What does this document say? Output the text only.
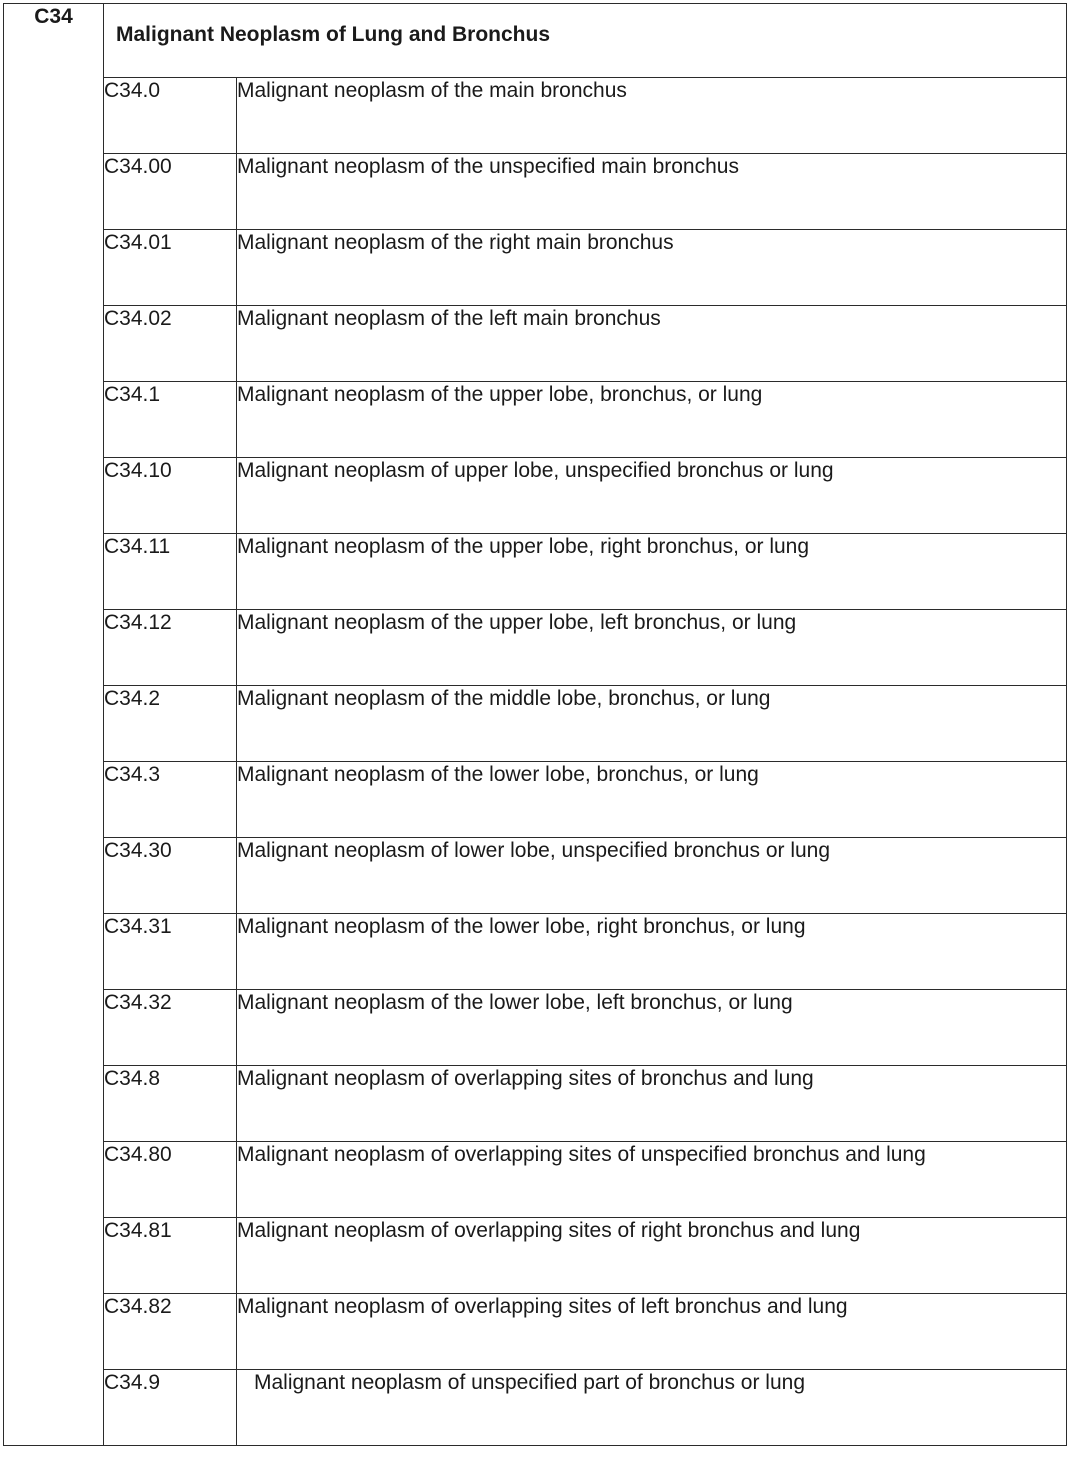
C34	Malignant Neoplasm of Lung and Bronchus	
	C34.0	Malignant neoplasm of the main bronchus
	C34.00	Malignant neoplasm of the unspecified main bronchus
	C34.01	Malignant neoplasm of the right main bronchus
	C34.02	Malignant neoplasm of the left main bronchus
	C34.1	Malignant neoplasm of the upper lobe, bronchus, or lung
	C34.10	Malignant neoplasm of upper lobe, unspecified bronchus or lung
	C34.11	Malignant neoplasm of the upper lobe, right bronchus, or lung
	C34.12	Malignant neoplasm of the upper lobe, left bronchus, or lung
	C34.2	Malignant neoplasm of the middle lobe, bronchus, or lung
	C34.3	Malignant neoplasm of the lower lobe, bronchus, or lung
	C34.30	Malignant neoplasm of lower lobe, unspecified bronchus or lung
	C34.31	Malignant neoplasm of the lower lobe, right bronchus, or lung
	C34.32	Malignant neoplasm of the lower lobe, left bronchus, or lung
	C34.8	Malignant neoplasm of overlapping sites of bronchus and lung
	C34.80	Malignant neoplasm of overlapping sites of unspecified bronchus and lung
	C34.81	Malignant neoplasm of overlapping sites of right bronchus and lung
	C34.82	Malignant neoplasm of overlapping sites of left bronchus and lung
	C34.9	Malignant neoplasm of unspecified part of bronchus or lung
